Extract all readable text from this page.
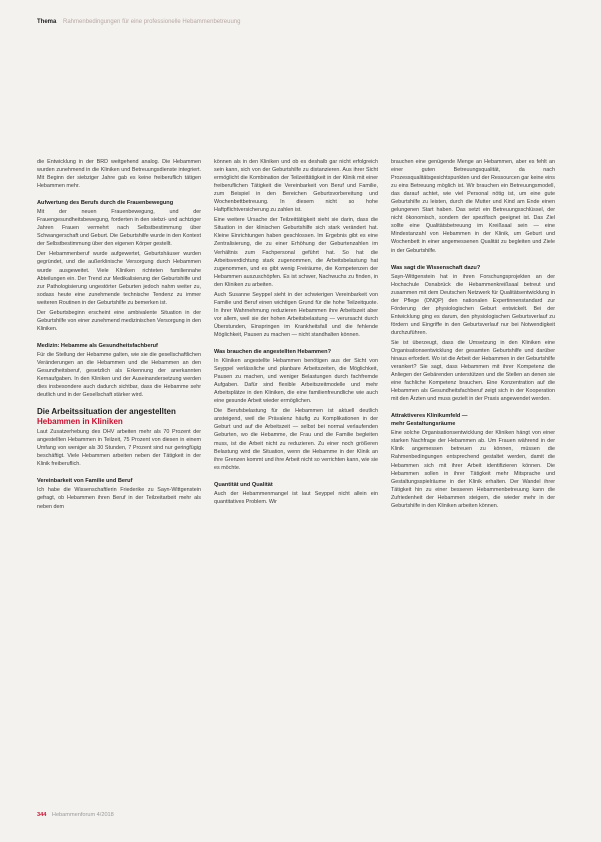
Thema Rahmenbedingungen für eine professionelle Hebammenbetreuung

die Entwicklung in der BRD weitgehend analog. Die Hebammen wurden zunehmend in die Kliniken und Betreuungsdienste integriert. Mit Beginn der siebziger Jahre gab es keine freiberuflich tätigen Hebammen mehr.

Aufwertung des Berufs durch die Frauenbewegung

Mit der neuen Frauenbewegung, und der Frauengesundheitsbewegung, forderten in den siebzi- und achtziger Jahren Frauen vermehrt nach Selbstbestimmung über Schwangerschaft und Geburt. Die Geburtshilfe wurde in den Kontext der Selbstbestimmung über den eigenen Körper gestellt.

Der Hebammenberuf wurde aufgewertet, Geburtshäuser wurden gegründet, und die außerklinische Versorgung durch Hebammen wurde ausgeweitet. Viele Kliniken richteten familiennahe Abteilungen ein. Der Trend zur Medikalisierung der Geburtshilfe und zur Pathologisierung ungestörter Geburten jedoch nahm weiter zu, sodass heute eine zunehmende technische Tendenz zu immer weiteren Routinen in der Geburtshilfe zu bemerken ist.

Der Geburtsbeginn erscheint eine ambivalente Situation in der Geburtshilfe von einer zunehmend medizinischen Versorgung in den Kliniken.

Medizin: Hebamme als Gesundheitsfachberuf

Für die Stellung der Hebamme galten, wie sie die gesellschaftlichen Veränderungen an die Hebammen und die Hebammen an den Gesundheitsberuf, gesetzlich als Erkennung der anerkannten Kernaufgaben. In den Kliniken und der Auseinandersetzung werden dies insbesondere auch dadurch sichtbar, dass die Hebamme sehr deutlich und in der Gesellschaft stärker wird.

Die Arbeitssituation der angestellten
Hebammen in Kliniken

Laut Zusatzerhebung des DHV arbeiten mehr als 70 Prozent der angestellten Hebammen in Teilzeit, 75 Prozent von diesen in einem Umfang von weniger als 30 Stunden, 7 Prozent sind nur geringfügig beschäftigt. Viele Hebammen arbeiten neben der Tätigkeit in der Klinik freiberuflich.

Vereinbarkeit von Familie und Beruf

Ich habe die Wissenschaftlerin Friederike zu Sayn-Wittgenstein gefragt, ob Hebammen ihren Beruf in der Teilzeitarbeit mehr als neben dem

können als in den Kliniken und ob es deshalb gar nicht erfolgreich sein kann, sich von der Geburtshilfe zu distanzieren. Aus ihrer Sicht ermöglicht die Kombination der Teilzeittätigkeit in der Klinik mit einer freiberuflichen Tätigkeit die Vereinbarkeit von Beruf und Familie, zum Beispiel in den Bereichen Geburtsvorbereitung und Wochenbettbetreuung. In diesem nicht so hohe Haftpflichtversicherung zu zahlen ist.

Eine weitere Ursache der Teilzeittätigkeit sieht sie darin, dass die Situation in der klinischen Geburtshilfe sich stark verändert hat. Kleine Einrichtungen haben geschlossen. Im Ergebnis gibt es eine Zentralisierung, die zu einer Erhöhung der Geburtenzahlen im Verhältnis zum Fachpersonal geführt hat. So hat die Arbeitsverdichtung stark zugenommen, die Arbeitsbelastung hat zugenommen, und es gibt wenig Freiräume, die Kompetenzen der Hebammen auszuschöpfen. Es ist schwer, Nachwuchs zu finden, in den Kliniken zu arbeiten.

Auch Susanne Seyppel sieht in der schwierigen Vereinbarkeit von Familie und Beruf einen wichtigen Grund für die hohe Teilzeitquote. In ihrer Wahrnehmung reduzieren Hebammen ihre Arbeitszeit aber vor allem, weil sie der hohen Arbeitsbelastung — verursacht durch Überstunden, Einspringen im Krankheitsfall und die fehlende Möglichkeit, Pausen zu machen — nicht standhalten können.

Was brauchen die angestellten Hebammen?

In Kliniken angestellte Hebammen benötigen aus der Sicht von Seyppel verlässliche und planbare Arbeitszeiten, die Möglichkeit, Pausen zu machen, und weniger Belastungen durch fachfremde Aufgaben. Dafür sind flexible Arbeitszeitmodelle und mehr Arbeitsplätze in den Kliniken, die eine familienfreundliche wie auch eine gesunde Arbeit wieder ermöglichen.

Die Berufsbelastung für die Hebammen ist aktuell deutlich ansteigend, weil die Prävalenz häufig zu Komplikationen in der Geburt und auf die Arbeitszeit — selbst bei normal verlaufenden Geburten, wo die Hebamme, die Frau und die Familie begleiten muss, ist die Arbeit nicht zu reduzieren. Zu einer noch größeren Belastung wird die Situation, wenn die Hebamme in der Klinik an ihre Grenzen kommt und ihre Arbeit nicht so verrichten kann, wie sie es möchte.

Quantität und Qualität

Auch der Hebammenmangel ist laut Seyppel nicht allein ein quantitatives Problem. Wir

brauchen eine genügende Menge an Hebammen, aber es fehlt an einer guten Betreuungsqualität, da nach Prozessqualitätsgesichtspunkten und der Ressourcen gar keine eins zu eins Betreuung möglich ist. Wir brauchen ein Betreuungsmodell, das darauf achtet, wie viel Personal nötig ist, um eine gute Geburtshilfe zu leisten, durch die Mutter und Kind am Ende einen gelungenen Start haben. Das setzt ein Betreuungsschlüssel, der nicht ökonomisch, sondern der spezifisch geeignet ist. Das Ziel sollte eine Qualitätsbetreuung im Kreißsaal sein — eine Mindestanzahl von Hebammen in der Klinik, um Geburt und Wochenbett in einer angemessenen Qualität zu begleiten und Ziele in der Geburtshilfe.

Was sagt die Wissenschaft dazu?

Sayn-Wittgenstein hat in ihren Forschungsprojekten an der Hochschule Osnabrück die Hebammenkreißsaal betreut und zusammen mit dem Deutschen Netzwerk für Qualitätsentwicklung in der Pflege (DNQP) den nationalen Expertinnenstandard zur Förderung der physiologischen Geburt entwickelt. Bei der Entwicklung ging es darum, den physiologischen Geburtsverlauf zu fördern und Eingriffe in den Geburtsverlauf nur bei Notwendigkeit durchzuführen.

Sie ist überzeugt, dass die Umsetzung in den Kliniken eine Organisationsentwicklung der gesamten Geburtshilfe und darüber hinaus erfordert. Wo ist die Arbeit der Hebammen in der Geburtshilfe verankert? Sie sagt, dass Hebammen mit ihrer Kompetenz die Anliegen der Gebärenden unterstützen und die Stellen an denen sie eine fachliche Kompetenz brauchen. Eine Konzentration auf die Hebammen als Gesundheitsfachberuf zeigt sich in der Kooperation mit den Ärzten und muss gezielt in der Praxis angewendet werden.

Attraktiveres Klinikumfeld —
mehr Gestaltungsräume

Eine solche Organisationsentwicklung der Kliniken hängt von einer starken Nachfrage der Hebammen ab. Um Frauen während in der Klinik angemessen betreuen zu können, müssen die Rahmenbedingungen entsprechend gestaltet werden, damit die Hebammen sich mit ihrer Arbeit identifizieren können. Die Hebammen sollen in ihrer Tätigkeit mehr Mitsprache und Gestaltungsspielräume in der Klinik erhalten. Der Wandel ihrer Tätigkeit hin zu einer besseren Hebammenbetreuung kann die Zufriedenheit der Hebammen steigern, die wieder mehr in der Geburtshilfe in den Kliniken arbeiten können.

344 Hebammenforum 4/2018
